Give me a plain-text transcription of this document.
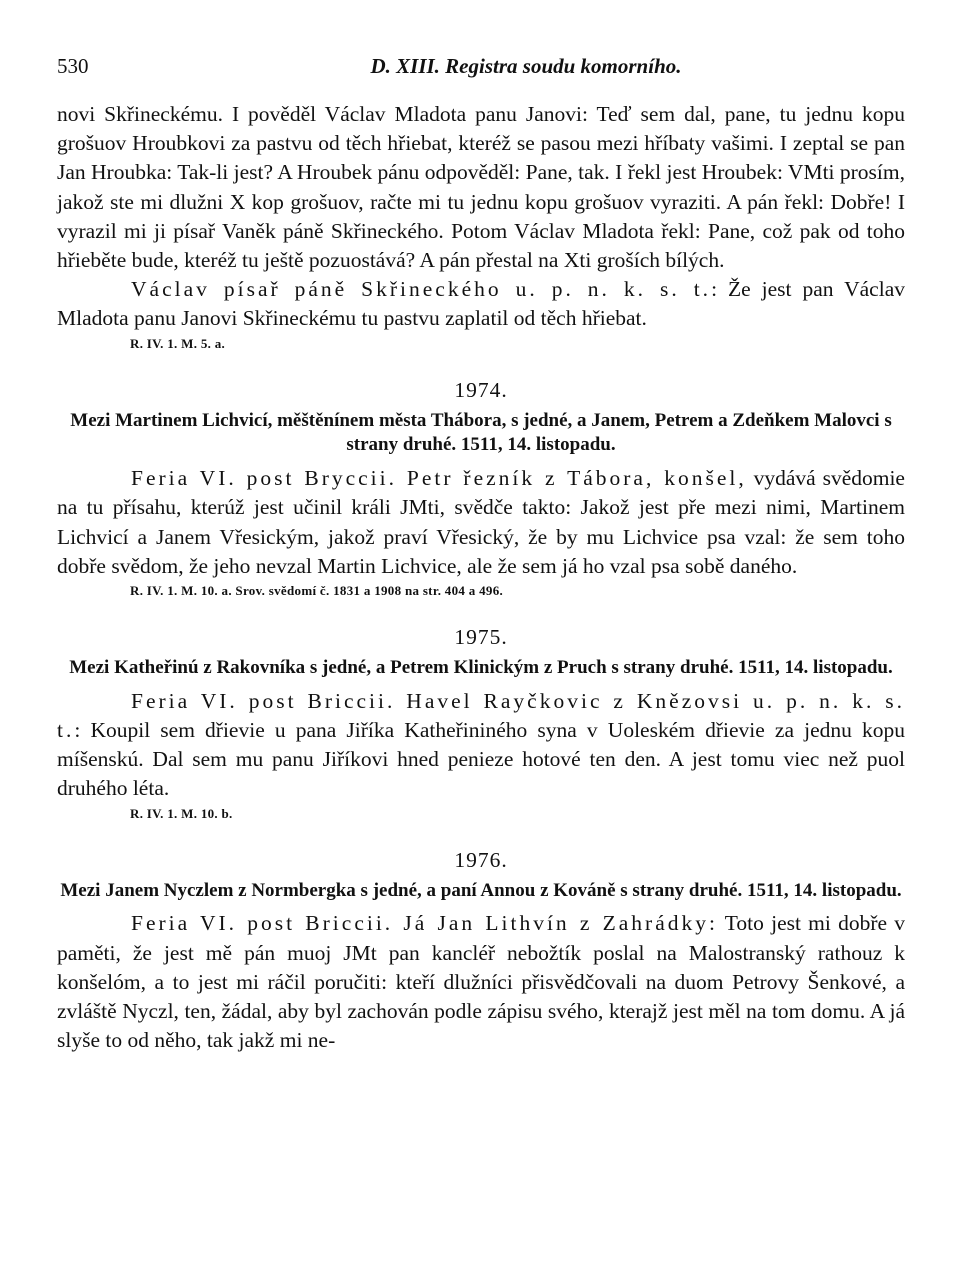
530	D. XIII. Registra soudu komorního.

novi Skřineckému. I pověděl Václav Mladota panu Janovi: Teď sem dal, pane, tu jednu kopu grošuov Hroubkovi za pastvu od těch hřiebat, kteréž se pasou mezi hříbaty vašimi. I zeptal se pan Jan Hroubka: Tak-li jest? A Hroubek pánu odpověděl: Pane, tak. I řekl jest Hroubek: VMti prosím, jakož ste mi dlužni X kop grošuov, račte mi tu jednu kopu grošuov vyraziti. A pán řekl: Dobře! I vyrazil mi ji písař Vaněk páně Skřineckého. Potom Václav Mladota řekl: Pane, což pak od toho hřieběte bude, kteréž tu ještě pozuostává? A pán přestal na Xti groších bílých.

Václav písař páně Skřineckého u. p. n. k. s. t.: Že jest pan Václav Mladota panu Janovi Skřineckému tu pastvu zaplatil od těch hřiebat.

R. IV. 1. M. 5. a.
1974.
Mezi Martinem Lichvicí, měštěnínem města Thábora, s jedné, a Janem, Petrem a Zdeňkem Malovci s strany druhé. 1511, 14. listopadu.

Feria VI. post Bryccii. Petr řezník z Tábora, konšel, vydává svědomie na tu přísahu, kterúž jest učinil králi JMti, svědče takto: Jakož jest pře mezi nimi, Martinem Lichvicí a Janem Vřesickým, jakož praví Vřesický, že by mu Lichvice psa vzal: že sem toho dobře svědom, že jeho nevzal Martin Lichvice, ale že sem já ho vzal psa sobě daného.

R. IV. 1. M. 10. a. Srov. svědomí č. 1831 a 1908 na str. 404 a 496.
1975.
Mezi Katheřinú z Rakovníka s jedné, a Petrem Klinickým z Pruch s strany druhé. 1511, 14. listopadu.

Feria VI. post Briccii. Havel Rayčkovic z Knězovsi u. p. n. k. s. t.: Koupil sem dřievie u pana Jiříka Katheřininého syna v Uoleském dřievie za jednu kopu míšenskú. Dal sem mu panu Jiříkovi hned penieze hotové ten den. A jest tomu viec než puol druhého léta.

R. IV. 1. M. 10. b.
1976.
Mezi Janem Nyczlem z Normbergka s jedné, a paní Annou z Kováně s strany druhé. 1511, 14. listopadu.

Feria VI. post Briccii. Já Jan Lithvín z Zahrádky: Toto jest mi dobře v paměti, že jest mě pán muoj JMt pan kancléř nebožtík poslal na Malostranský rathouz k konšelóm, a to jest mi ráčil poručiti: kteří dlužníci přisvědčovali na duom Petrovy Šenkové, a zvláště Nyczl, ten, žádal, aby byl zachován podle zápisu svého, kterajž jest měl na tom domu. A já slyše to od něho, tak jakž mi ne-
